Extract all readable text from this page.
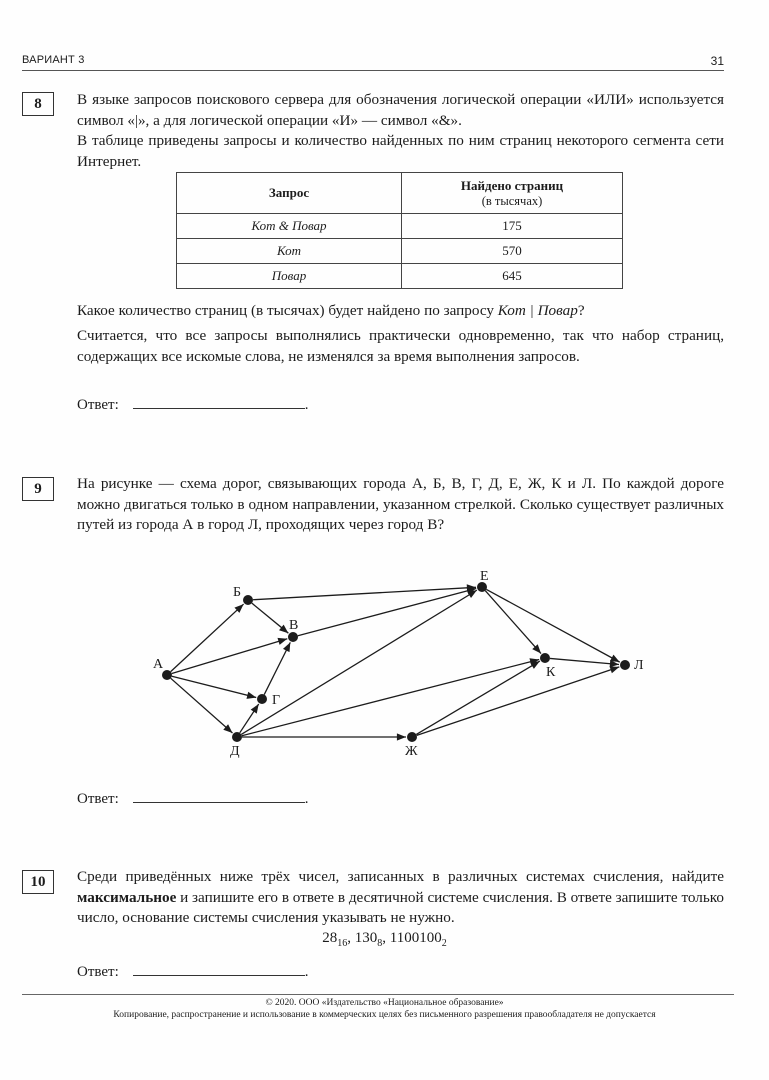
ВАРИАНТ 3	31
8	В языке запросов поискового сервера для обозначения логической операции «ИЛИ» используется символ «|», а для логической операции «И» — символ «&».

В таблице приведены запросы и количество найденных по ним страниц некоторого сегмента сети Интернет.

Запрос	Найдено страниц
(в тысячах)

Кот & Повар	175
Кот	570
Повар	645

Какое количество страниц (в тысячах) будет найдено по запросу Кот | Повар?

Считается, что все запросы выполнялись практически одновременно, так что набор страниц, содержащих все искомые слова, не изменялся за время выполнения запросов.

Ответ:	.
9	На рисунке — схема дорог, связывающих города А, Б, В, Г, Д, Е, Ж, К и Л. По каждой дороге можно двигаться только в одном направлении, указанном стрелкой. Сколько существует различных путей из города А в город Л, проходящих через город В?

А
Б
В
Г
Д
Е
Ж
К	Л
Ответ:	.
10	Среди приведённых ниже трёх чисел, записанных в различных системах счисления, найдите максимальное и запишите его в ответе в десятичной системе счисления. В ответе запишите только число, основание системы счисления указывать не нужно.

$28_{16}$, $130_8$, $1100100_2$
Ответ:	.
© 2020. ООО «Издательство «Национальное образование»
Копирование, распространение и использование в коммерческих целях без письменного разрешения правообладателя не допускается
